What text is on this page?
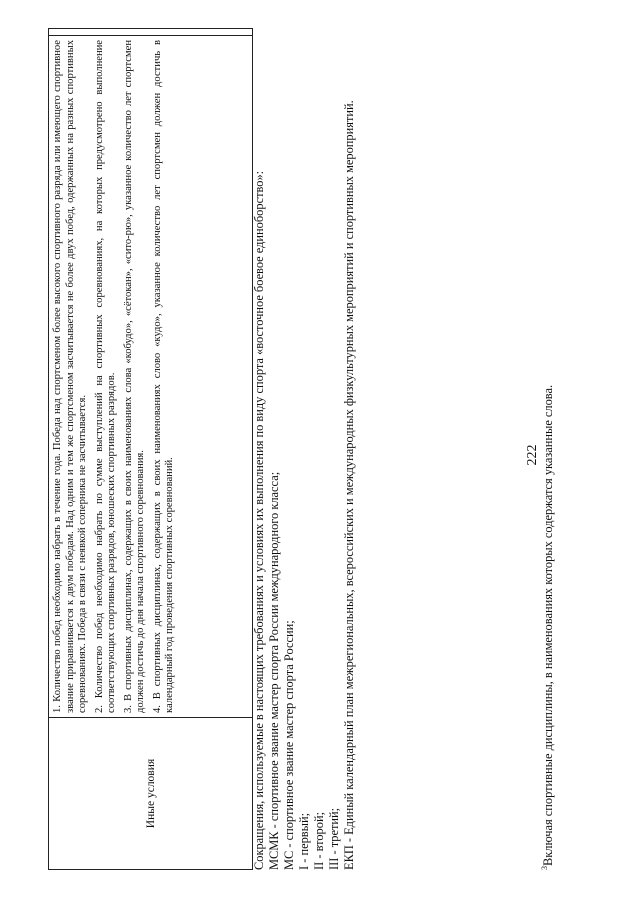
222
Иные условия

1. Количество побед необходимо набрать в течение года. Победа над спортсменом более высокого спортивного разряда или имеющего спортивное звание приравнивается к двум победам. Над одним и тем же спортсменом засчитывается не более двух побед, одержанных на разных спортивных соревнованиях. Победа в связи с неявкой соперника не засчитывается. 2. Количество побед необходимо набрать по сумме выступлений на спортивных соревнованиях, на которых предусмотрено выполнение соответствующих спортивных разрядов, юношеских спортивных разрядов. 3. В спортивных дисциплинах, содержащих в своих наименованиях слова «кобудо», «сётокан», «сито-рю», указанное количество лет спортсмен должен достичь до дня начала спортивного соревнования. 4. В спортивных дисциплинах, содержащих в своих наименованиях слово «кудо», указанное количество лет спортсмен должен достичь в календарный год проведения спортивных соревнований.	Сокращения, используемые в настоящих требованиях и условиях их выполнения по виду спорта «восточное боевое единоборство»: МСМК - спортивное звание мастер спорта России международного класса; МС - спортивное звание мастер спорта России; I - первый; II - второй; III - третий; ЕКП - Единый календарный план межрегиональных, всероссийских и международных физкультурных мероприятий и спортивных мероприятий.	$^3$Включая спортивные дисциплины, в наименованиях которых содержатся указанные слова.
